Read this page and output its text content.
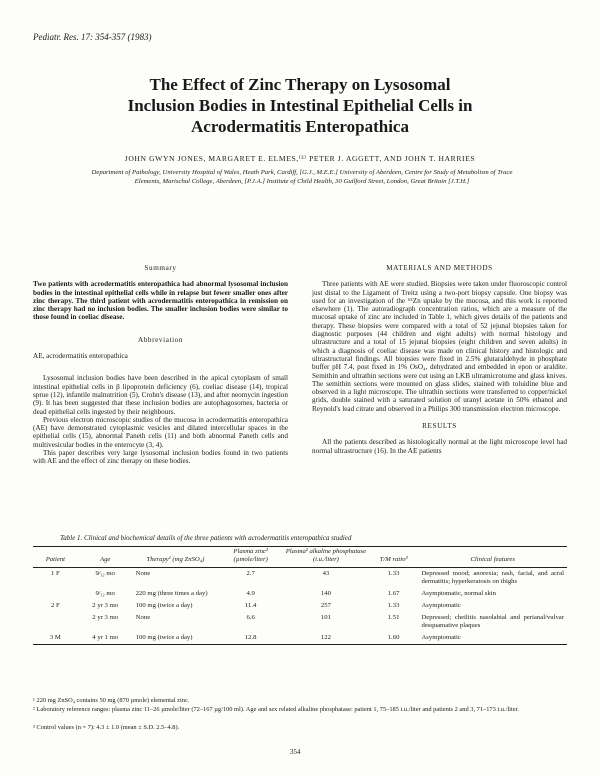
Pediatr. Res. 17: 354-357 (1983)
The Effect of Zinc Therapy on Lysosomal
Inclusion Bodies in Intestinal Epithelial Cells in
Acrodermatitis Enteropathica
JOHN GWYN JONES, MARGARET E. ELMES,⁽³⁾ PETER J. AGGETT, AND JOHN T. HARRIES
Department of Pathology, University Hospital of Wales, Heath Park, Cardiff, [G.J., M.E.E.] University of Aberdeen, Centre for Study of Metabolism of Trace Elements, Marischal College, Aberdeen, [P.J.A.] Institute of Child Health, 30 Guilford Street, London, Great Britain [J.T.H.]
Summary

Two patients with acrodermatitis enteropathica had abnormal lysosomal inclusion bodies in the intestinal epithelial cells while in relapse but fewer smaller ones after zinc therapy. The third patient with acrodermatitis enteropathica in remission on zinc therapy had no inclusion bodies. The smaller inclusion bodies were similar to those found in coeliac disease.

Abbreviation

AE, acrodermatitis enteropathica

Lysosomal inclusion bodies have been described in the apical cytoplasm of small intestinal epithelial cells in β lipoprotein deficiency (6), coeliac disease (14), tropical sprue (12), infantile malnutrition (5), Crohn's disease (13), and after neomycin ingestion (9). It has been suggested that these inclusion bodies are autophagosomes, bacteria or dead epithelial cells ingested by their neighbours.

Previous electron microscopic studies of the mucosa in acrodermatitis enteropathica (AE) have demonstrated cytoplasmic vesicles and dilated intercellular spaces in the epithelial cells (15), abnormal Paneth cells (11) and both abnormal Paneth cells and multivesicular bodies in the enterocyte (3, 4).

This paper describes very large lysosomal inclusion bodies found in two patients with AE and the effect of zinc therapy on these bodies.

MATERIALS AND METHODS

Three patients with AE were studied. Biopsies were taken under fluoroscopic control just distal to the Ligament of Treitz using a two-port biopsy capsule. One biopsy was used for an investigation of the ⁶⁵Zn uptake by the mucosa, and this work is reported elsewhere (1). The autoradiograph concentration ratios, which are a measure of the mucosal uptake of zinc are included in Table 1, which gives details of the patients and therapy. These biopsies were compared with a total of 52 jejunal biopsies taken for diagnostic purposes (44 children and eight adults) with normal histology and ultrastructure and a total of 15 jejunal biopsies (eight children and seven adults) in which a diagnosis of coeliac disease was made on clinical history and histologic and ultrastructural findings. All biopsies were fixed in 2.5% glutaraldehyde in phosphate buffer pH 7.4, post fixed in 1% OsO₄, dehydrated and embedded in epon or araldite. Semithin and ultrathin sections were cut using an LKB ultramicrotome and glass knives. The semithin sections were mounted on glass slides, stained with toluidine blue and observed in a light microscope. The ultrathin sections were transferred to copper/nickel grids, double stained with a saturated solution of uranyl acetate in 50% ethanol and Reynold's lead citrate and observed in a Philips 300 transmission electron microscope.

RESULTS

All the patients described as histologically normal at the light microscope level had normal ultrastructure (16). In the AE patients

Table 1. Clinical and biochemical details of the three patients with acrodermatitis enteropathica studied
Patient	Age	Therapy¹ (mg ZnSO₄)	Plasma zinc² (µmole/liter)	Plasma² alkaline phosphatase (i.u./liter)	T/M ratio³	Clinical features
1 F	9⁄₁₂ mo	None	2.7	43	1.33	Depressed mood; anorexia; rash, facial, and acral dermatitis; hyperkeratosis on thighs
	9⁄₁₂ mo	220 mg (three times a day)	4.9	140	1.67	Asymptomatic, normal skin
2 F	2 yr 3 mo	100 mg (twice a day)	11.4	257	1.33	Asymptomatic
	2 yr 3 mo	None	6.6	101	1.51	Depressed; cheilitis nasolabial and perianal/vulvar desquamative plaques
3 M	4 yr 1 mo	100 mg (twice a day)	12.8	122	1.60	Asymptomatic
¹ 220 mg ZnSO₄ contains 50 mg (870 µmole) elemental zinc.
² Laboratory reference ranges: plasma zinc 11–26 µmole/liter (72–167 µg/100 ml). Age and sex related alkaline phosphatase: patient 1, 75–185 i.u./liter and patients 2 and 3, 71–173 i.u./liter.
³ Control values (n = 7): 4.3 ± 1.0 (mean ± S.D. 2.5–4.8).
354
